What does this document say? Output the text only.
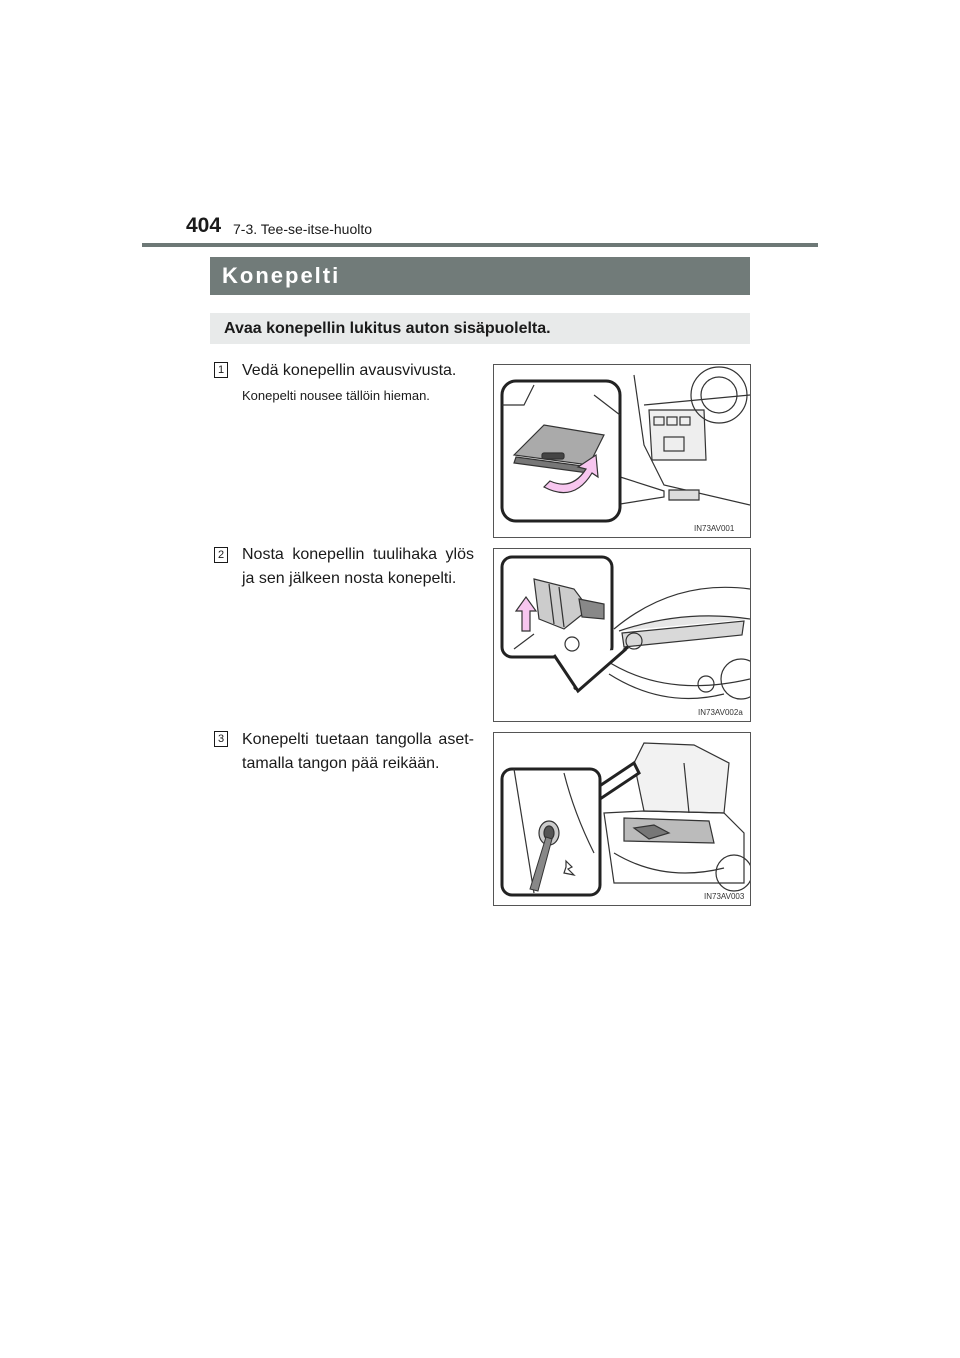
404 7-3. Tee-se-itse-huolto
Konepelti
Avaa konepellin lukitus auton sisäpuolelta.
1 Vedä konepellin avausvivusta.
Konepelti nousee tällöin hieman.
IN73AV001
2 Nosta konepellin tuulihaka ylös ja sen jälkeen nosta konepelti.
IN73AV002a
3 Konepelti tuetaan tangolla aset-tamalla tangon pää reikään.
IN73AV003
